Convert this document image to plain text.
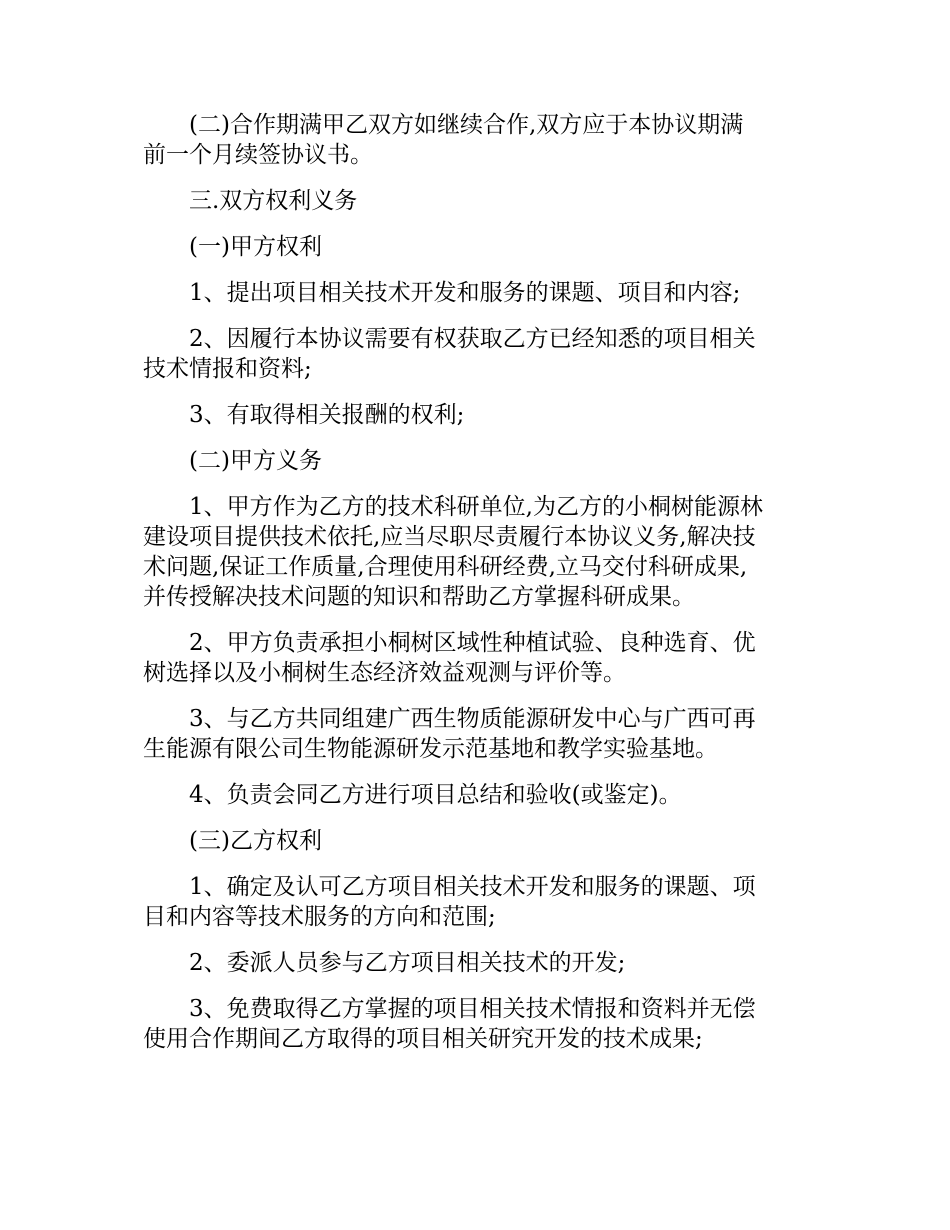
(二)合作期满甲乙双方如继续合作,双方应于本协议期满
前一个月续签协议书。
三.双方权利义务
(一)甲方权利
1、提出项目相关技术开发和服务的课题、项目和内容;
2、因履行本协议需要有权获取乙方已经知悉的项目相关
技术情报和资料;
3、有取得相关报酬的权利;
(二)甲方义务
1、甲方作为乙方的技术科研单位,为乙方的小桐树能源林
建设项目提供技术依托,应当尽职尽责履行本协议义务,解决技
术问题,保证工作质量,合理使用科研经费,立马交付科研成果,
并传授解决技术问题的知识和帮助乙方掌握科研成果。
2、甲方负责承担小桐树区域性种植试验、良种选育、优
树选择以及小桐树生态经济效益观测与评价等。
3、与乙方共同组建广西生物质能源研发中心与广西可再
生能源有限公司生物能源研发示范基地和教学实验基地。
4、负责会同乙方进行项目总结和验收(或鉴定)。
(三)乙方权利
1、确定及认可乙方项目相关技术开发和服务的课题、项
目和内容等技术服务的方向和范围;
2、委派人员参与乙方项目相关技术的开发;
3、免费取得乙方掌握的项目相关技术情报和资料并无偿
使用合作期间乙方取得的项目相关研究开发的技术成果;
